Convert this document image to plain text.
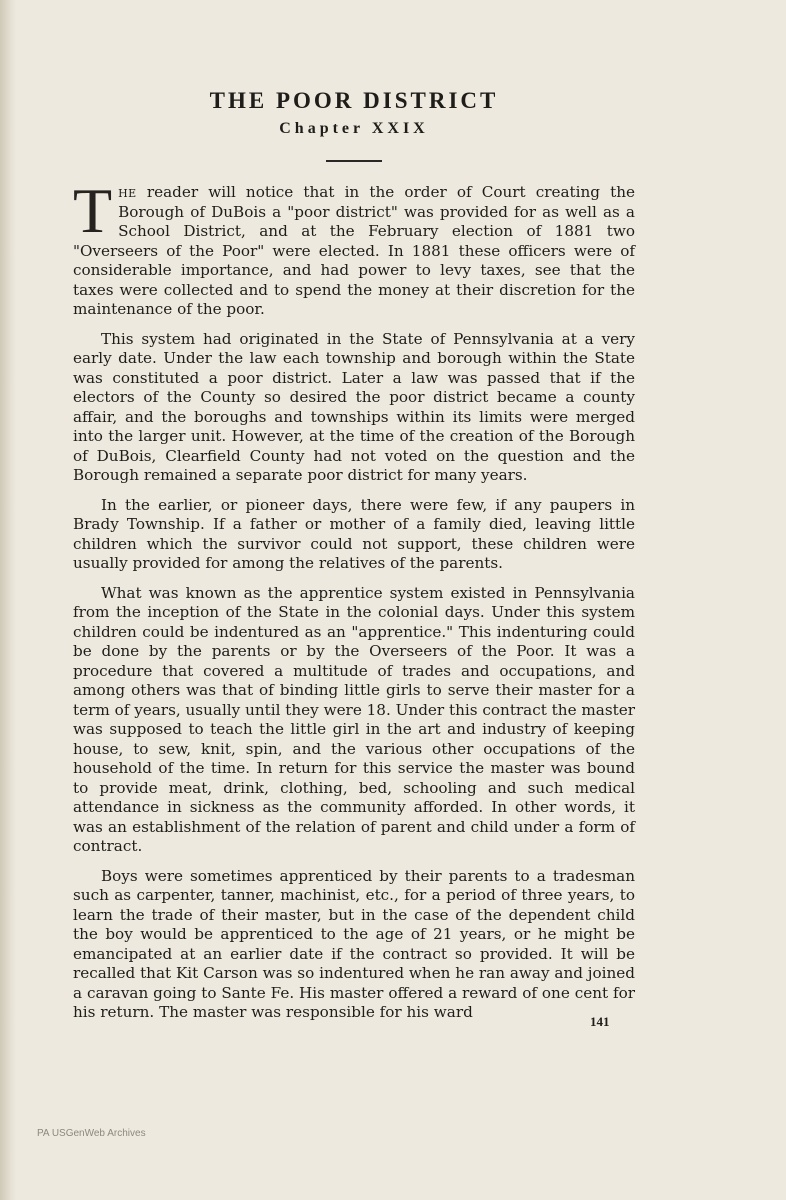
THE POOR DISTRICT
Chapter XXIX

The reader will notice that in the order of Court creating the Borough of DuBois a "poor district" was provided for as well as a School District, and at the February election of 1881 two "Overseers of the Poor" were elected. In 1881 these officers were of considerable importance, and had power to levy taxes, see that the taxes were collected and to spend the money at their discretion for the maintenance of the poor.

This system had originated in the State of Pennsylvania at a very early date. Under the law each township and borough within the State was constituted a poor district. Later a law was passed that if the electors of the County so desired the poor district became a county affair, and the boroughs and townships within its limits were merged into the larger unit. However, at the time of the creation of the Borough of DuBois, Clearfield County had not voted on the question and the Borough remained a separate poor district for many years.

In the earlier, or pioneer days, there were few, if any paupers in Brady Township. If a father or mother of a family died, leaving little children which the survivor could not support, these children were usually provided for among the relatives of the parents.

What was known as the apprentice system existed in Pennsylvania from the inception of the State in the colonial days. Under this system children could be indentured as an "apprentice." This indenturing could be done by the parents or by the Overseers of the Poor. It was a procedure that covered a multitude of trades and occupations, and among others was that of binding little girls to serve their master for a term of years, usually until they were 18. Under this contract the master was supposed to teach the little girl in the art and industry of keeping house, to sew, knit, spin, and the various other occupations of the household of the time. In return for this service the master was bound to provide meat, drink, clothing, bed, schooling and such medical attendance in sickness as the community afforded. In other words, it was an establishment of the relation of parent and child under a form of contract.

Boys were sometimes apprenticed by their parents to a tradesman such as carpenter, tanner, machinist, etc., for a period of three years, to learn the trade of their master, but in the case of the dependent child the boy would be apprenticed to the age of 21 years, or he might be emancipated at an earlier date if the contract so provided. It will be recalled that Kit Carson was so indentured when he ran away and joined a caravan going to Sante Fe. His master offered a reward of one cent for his return. The master was responsible for his ward

141
PA USGenWeb Archives
